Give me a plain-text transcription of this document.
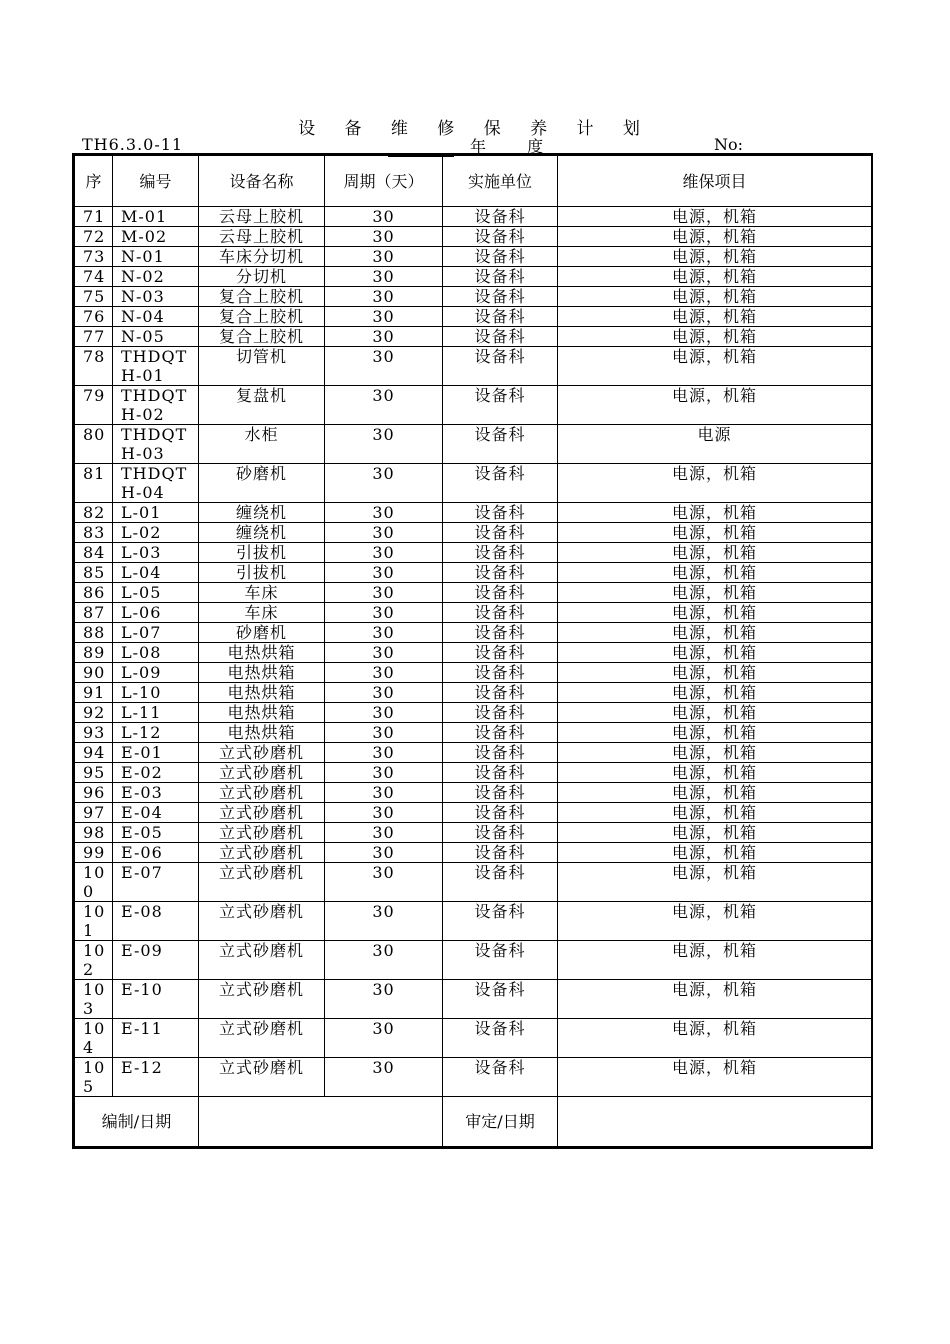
设 备 维 修 保 养 计 划
TH6.3.0-11	年 度	No:
序	编号	设备名称	周期（天）	实施单位	维保项目
71	M-01	云母上胶机	30	设备科	电源，机箱
72	M-02	云母上胶机	30	设备科	电源，机箱
73	N-01	车床分切机	30	设备科	电源，机箱
74	N-02	分切机	30	设备科	电源，机箱
75	N-03	复合上胶机	30	设备科	电源，机箱
76	N-04	复合上胶机	30	设备科	电源，机箱
77	N-05	复合上胶机	30	设备科	电源，机箱
78	THDQTH-01	切管机	30	设备科	电源，机箱
79	THDQTH-02	复盘机	30	设备科	电源，机箱
80	THDQTH-03	水柜	30	设备科	电源
81	THDQTH-04	砂磨机	30	设备科	电源，机箱
82	L-01	缠绕机	30	设备科	电源，机箱
83	L-02	缠绕机	30	设备科	电源，机箱
84	L-03	引拔机	30	设备科	电源，机箱
85	L-04	引拔机	30	设备科	电源，机箱
86	L-05	车床	30	设备科	电源，机箱
87	L-06	车床	30	设备科	电源，机箱
88	L-07	砂磨机	30	设备科	电源，机箱
89	L-08	电热烘箱	30	设备科	电源，机箱
90	L-09	电热烘箱	30	设备科	电源，机箱
91	L-10	电热烘箱	30	设备科	电源，机箱
92	L-11	电热烘箱	30	设备科	电源，机箱
93	L-12	电热烘箱	30	设备科	电源，机箱
94	E-01	立式砂磨机	30	设备科	电源，机箱
95	E-02	立式砂磨机	30	设备科	电源，机箱
96	E-03	立式砂磨机	30	设备科	电源，机箱
97	E-04	立式砂磨机	30	设备科	电源，机箱
98	E-05	立式砂磨机	30	设备科	电源，机箱
99	E-06	立式砂磨机	30	设备科	电源，机箱
100	E-07	立式砂磨机	30	设备科	电源，机箱
101	E-08	立式砂磨机	30	设备科	电源，机箱
102	E-09	立式砂磨机	30	设备科	电源，机箱
103	E-10	立式砂磨机	30	设备科	电源，机箱
104	E-11	立式砂磨机	30	设备科	电源，机箱
105	E-12	立式砂磨机	30	设备科	电源，机箱
编制/日期				审定/日期	
